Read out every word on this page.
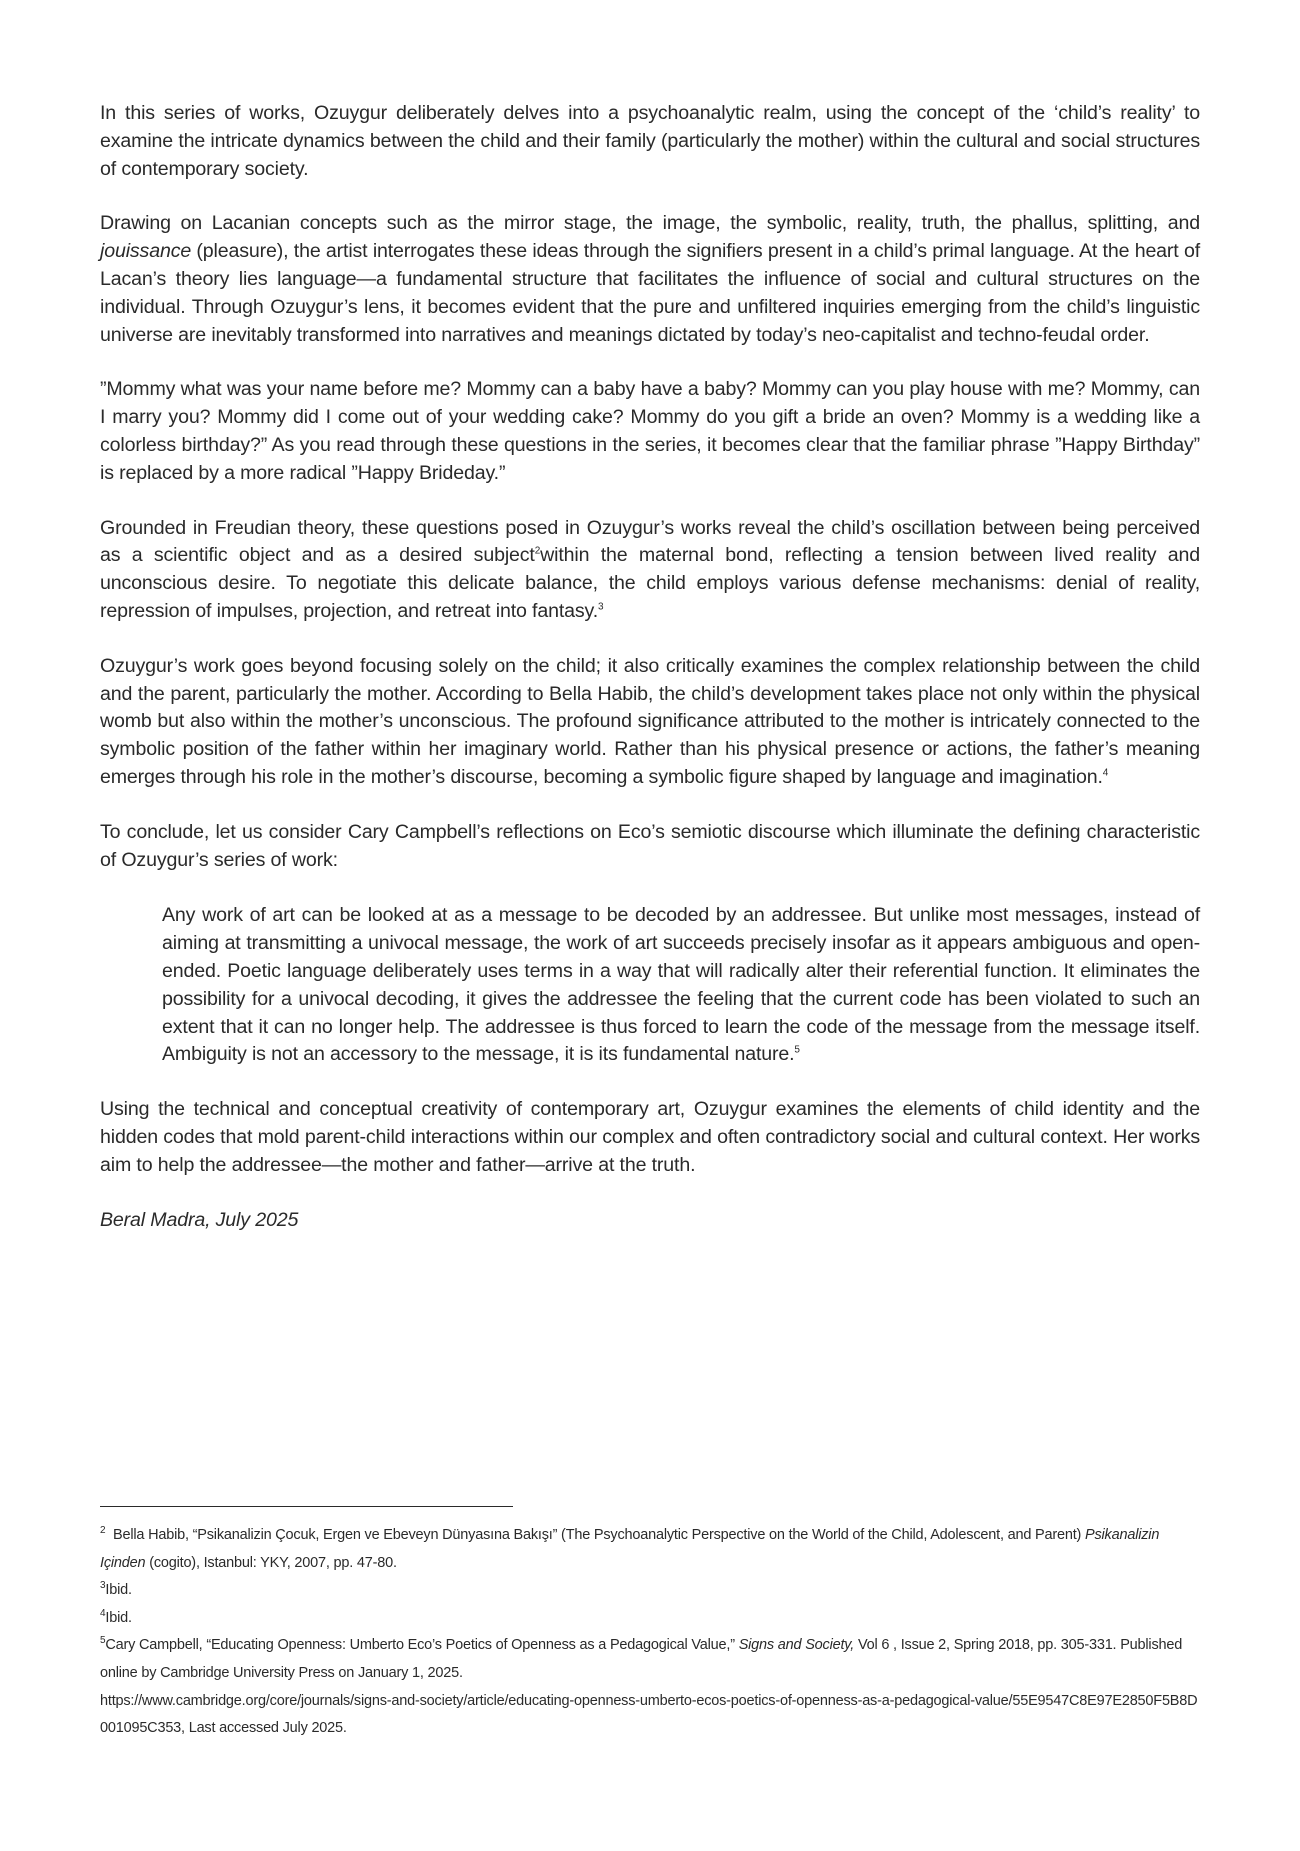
In this series of works, Ozuygur deliberately delves into a psychoanalytic realm, using the concept of the ‘child’s reality’ to examine the intricate dynamics between the child and their family (particularly the mother) within the cultural and social structures of contemporary society.

Drawing on Lacanian concepts such as the mirror stage, the image, the symbolic, reality, truth, the phallus, splitting, and jouissance (pleasure), the artist interrogates these ideas through the signifiers present in a child’s primal language. At the heart of Lacan’s theory lies language—a fundamental structure that facilitates the influence of social and cultural structures on the individual. Through Ozuygur’s lens, it becomes evident that the pure and unfiltered inquiries emerging from the child’s linguistic universe are inevitably transformed into narratives and meanings dictated by today’s neo-capitalist and techno-feudal order.

”Mommy what was your name before me? Mommy can a baby have a baby? Mommy can you play house with me? Mommy, can I marry you? Mommy did I come out of your wedding cake? Mommy do you gift a bride an oven? Mommy is a wedding like a colorless birthday?” As you read through these questions in the series, it becomes clear that the familiar phrase ”Happy Birthday” is replaced by a more radical ”Happy Brideday.”

Grounded in Freudian theory, these questions posed in Ozuygur’s works reveal the child’s oscillation between being perceived as a scientific object and as a desired subject$^2$within the maternal bond, reflecting a tension between lived reality and unconscious desire. To negotiate this delicate balance, the child employs various defense mechanisms: denial of reality, repression of impulses, projection, and retreat into fantasy.$^3$

Ozuygur’s work goes beyond focusing solely on the child; it also critically examines the complex relationship between the child and the parent, particularly the mother. According to Bella Habib, the child’s development takes place not only within the physical womb but also within the mother’s unconscious. The profound significance attributed to the mother is intricately connected to the symbolic position of the father within her imaginary world. Rather than his physical presence or actions, the father’s meaning emerges through his role in the mother’s discourse, becoming a symbolic figure shaped by language and imagination.$^4$

To conclude, let us consider Cary Campbell’s reflections on Eco’s semiotic discourse which illuminate the defining characteristic of Ozuygur’s series of work:

Any work of art can be looked at as a message to be decoded by an addressee. But unlike most messages, instead of aiming at transmitting a univocal message, the work of art succeeds precisely insofar as it appears ambiguous and open-ended. Poetic language deliberately uses terms in a way that will radically alter their referential function. It eliminates the possibility for a univocal decoding, it gives the addressee the feeling that the current code has been violated to such an extent that it can no longer help. The addressee is thus forced to learn the code of the message from the message itself. Ambiguity is not an accessory to the message, it is its fundamental nature.$^5$

Using the technical and conceptual creativity of contemporary art, Ozuygur examines the elements of child identity and the hidden codes that mold parent-child interactions within our complex and often contradictory social and cultural context. Her works aim to help the addressee—the mother and father—arrive at the truth.

Beral Madra, July 2025

$^2$ Bella Habib, “Psikanalizin Çocuk, Ergen ve Ebeveyn Dünyasına Bakışı” (The Psychoanalytic Perspective on the World of the Child, Adolescent, and Parent) Psikanalizin Içinden (cogito), Istanbul: YKY, 2007, pp. 47-80.

$^3$Ibid.

$^4$Ibid.

$^5$Cary Campbell, “Educating Openness: Umberto Eco’s Poetics of Openness as a Pedagogical Value,” Signs and Society, Vol 6 , Issue 2, Spring 2018, pp. 305-331. Published online by Cambridge University Press on January 1, 2025.

https://www.cambridge.org/core/journals/signs-and-society/article/educating-openness-umberto-ecos-poetics-of-openness-as-a-pedagogical-value/55E9547C8E97E2850F5B8D001095C353, Last accessed July 2025.
